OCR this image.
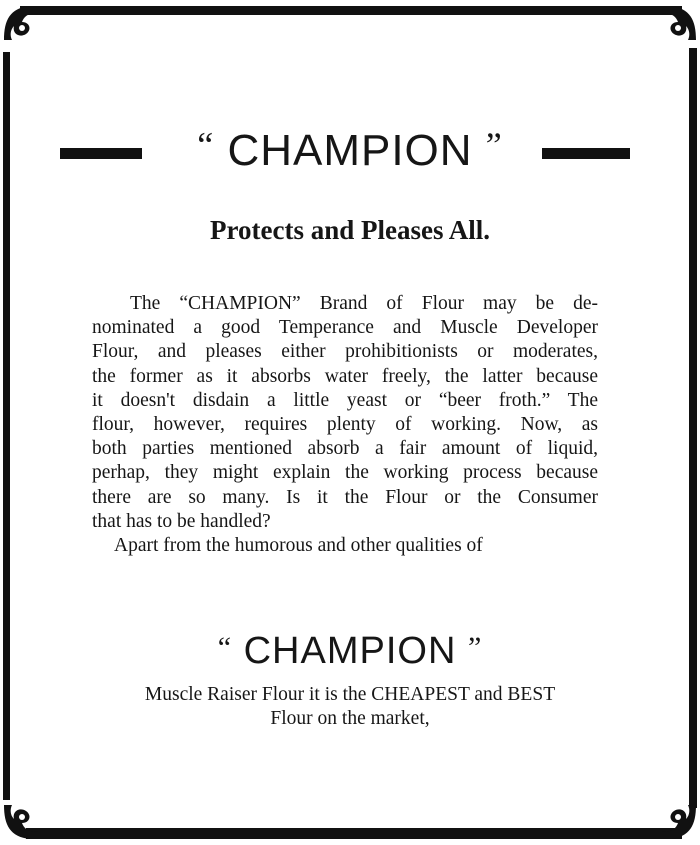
“ CHAMPION ”
Protects and Pleases All.
The “CHAMPION” Brand of Flour may be de-
nominated a good Temperance and Muscle Developer
Flour, and pleases either prohibitionists or moderates,
the former as it absorbs water freely, the latter because
it doesn't disdain a little yeast or “beer froth.” The
flour, however, requires plenty of working. Now, as
both parties mentioned absorb a fair amount of liquid,
perhap, they might explain the working process because
there are so many. Is it the Flour or the Consumer
that has to be handled?
Apart from the humorous and other qualities of
“ CHAMPION ”
Muscle Raiser Flour it is the CHEAPEST and BEST
Flour on the market,
